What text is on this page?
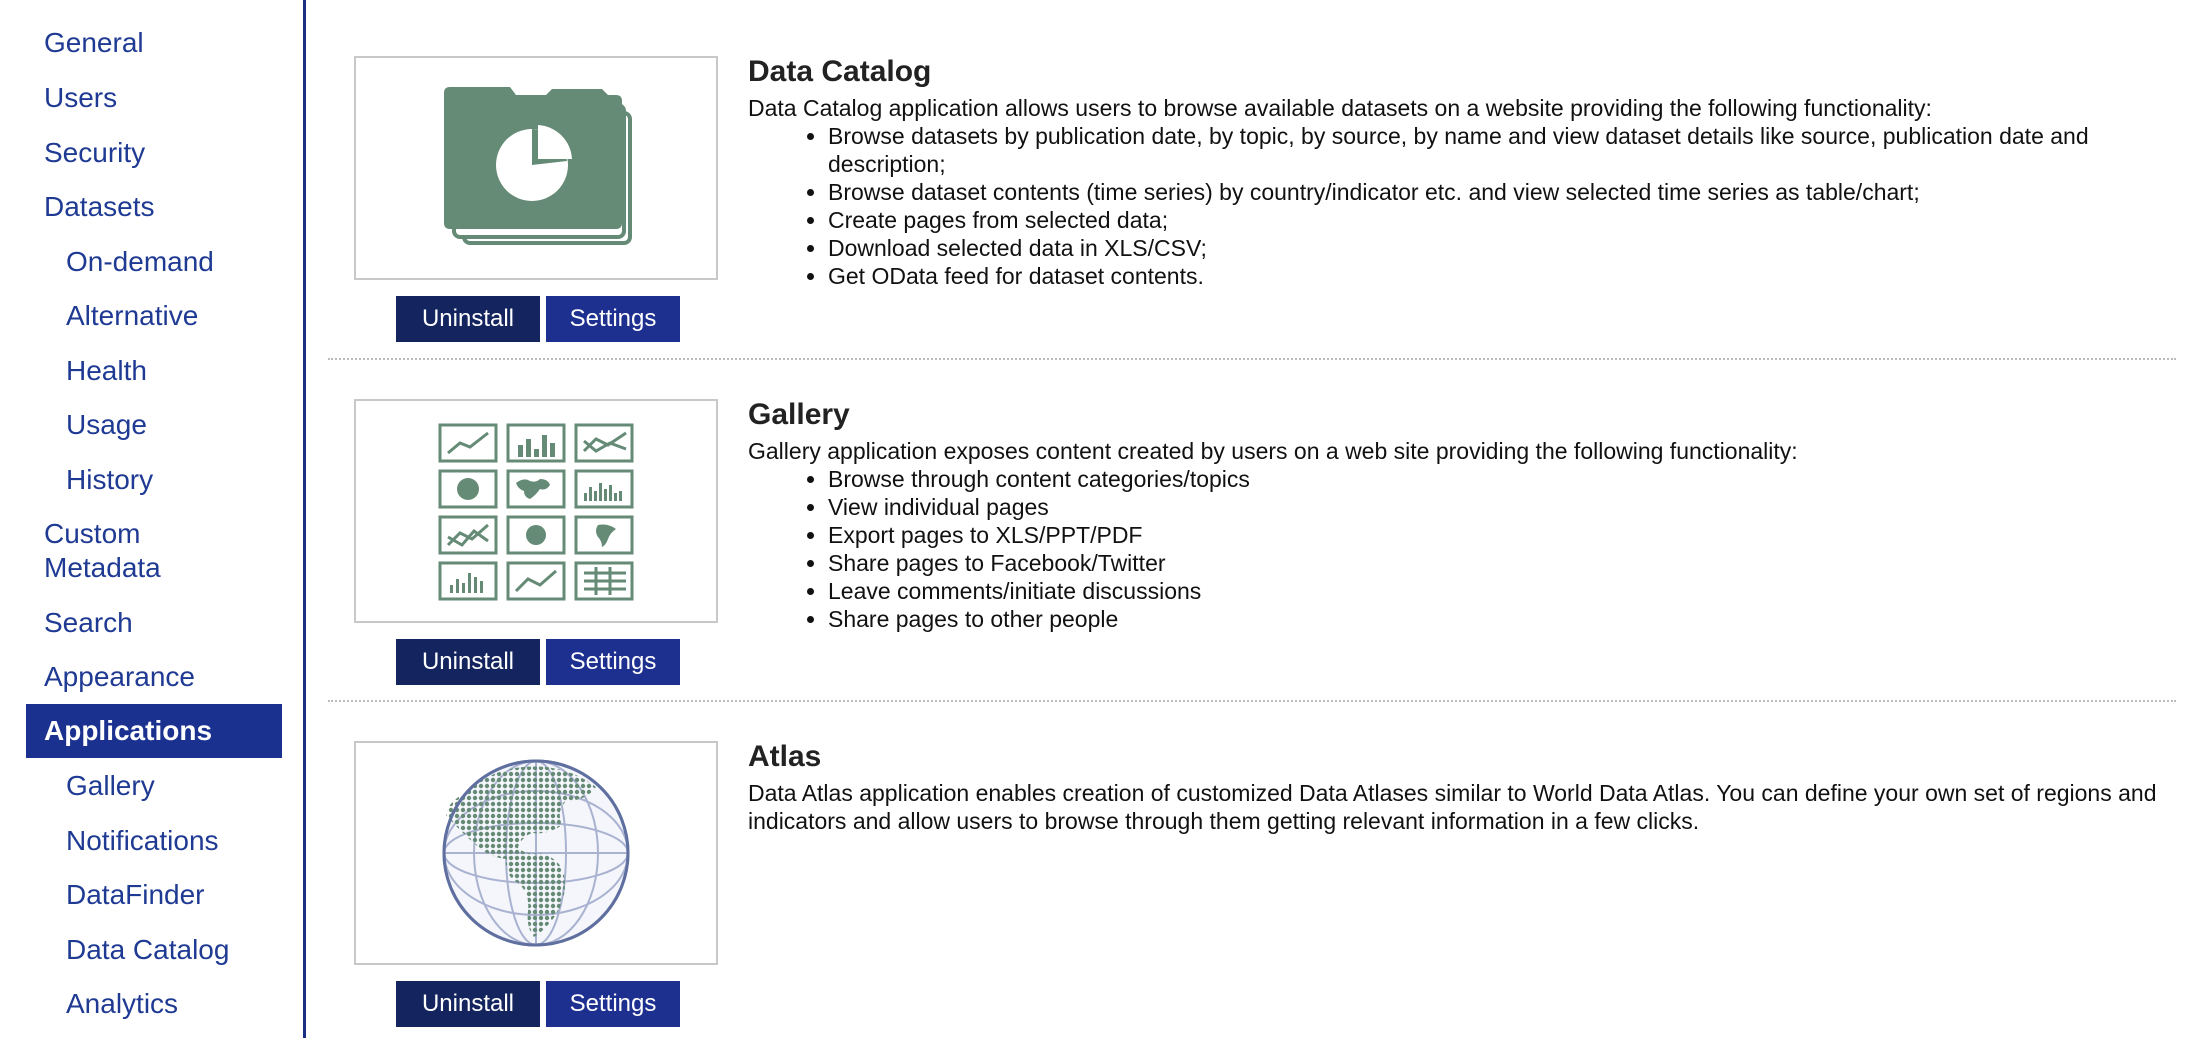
General
Users
Security
Datasets
On-demand
Alternative
Health
Usage
History
Custom
Metadata
Search
Appearance
Applications
Gallery
Notifications
DataFinder
Data Catalog
Analytics
Uninstall	Settings
Data Catalog
Data Catalog application allows users to browse available datasets on a website providing the following functionality:
• Browse datasets by publication date, by topic, by source, by name and view dataset details like source, publication date and description;
• Browse dataset contents (time series) by country/indicator etc. and view selected time series as table/chart;
• Create pages from selected data;
• Download selected data in XLS/CSV;
• Get OData feed for dataset contents.
Uninstall	Settings
Gallery
Gallery application exposes content created by users on a web site providing the following functionality:
• Browse through content categories/topics
• View individual pages
• Export pages to XLS/PPT/PDF
• Share pages to Facebook/Twitter
• Leave comments/initiate discussions
• Share pages to other people
Uninstall	Settings
Atlas
Data Atlas application enables creation of customized Data Atlases similar to World Data Atlas. You can define your own set of regions and indicators and allow users to browse through them getting relevant information in a few clicks.
